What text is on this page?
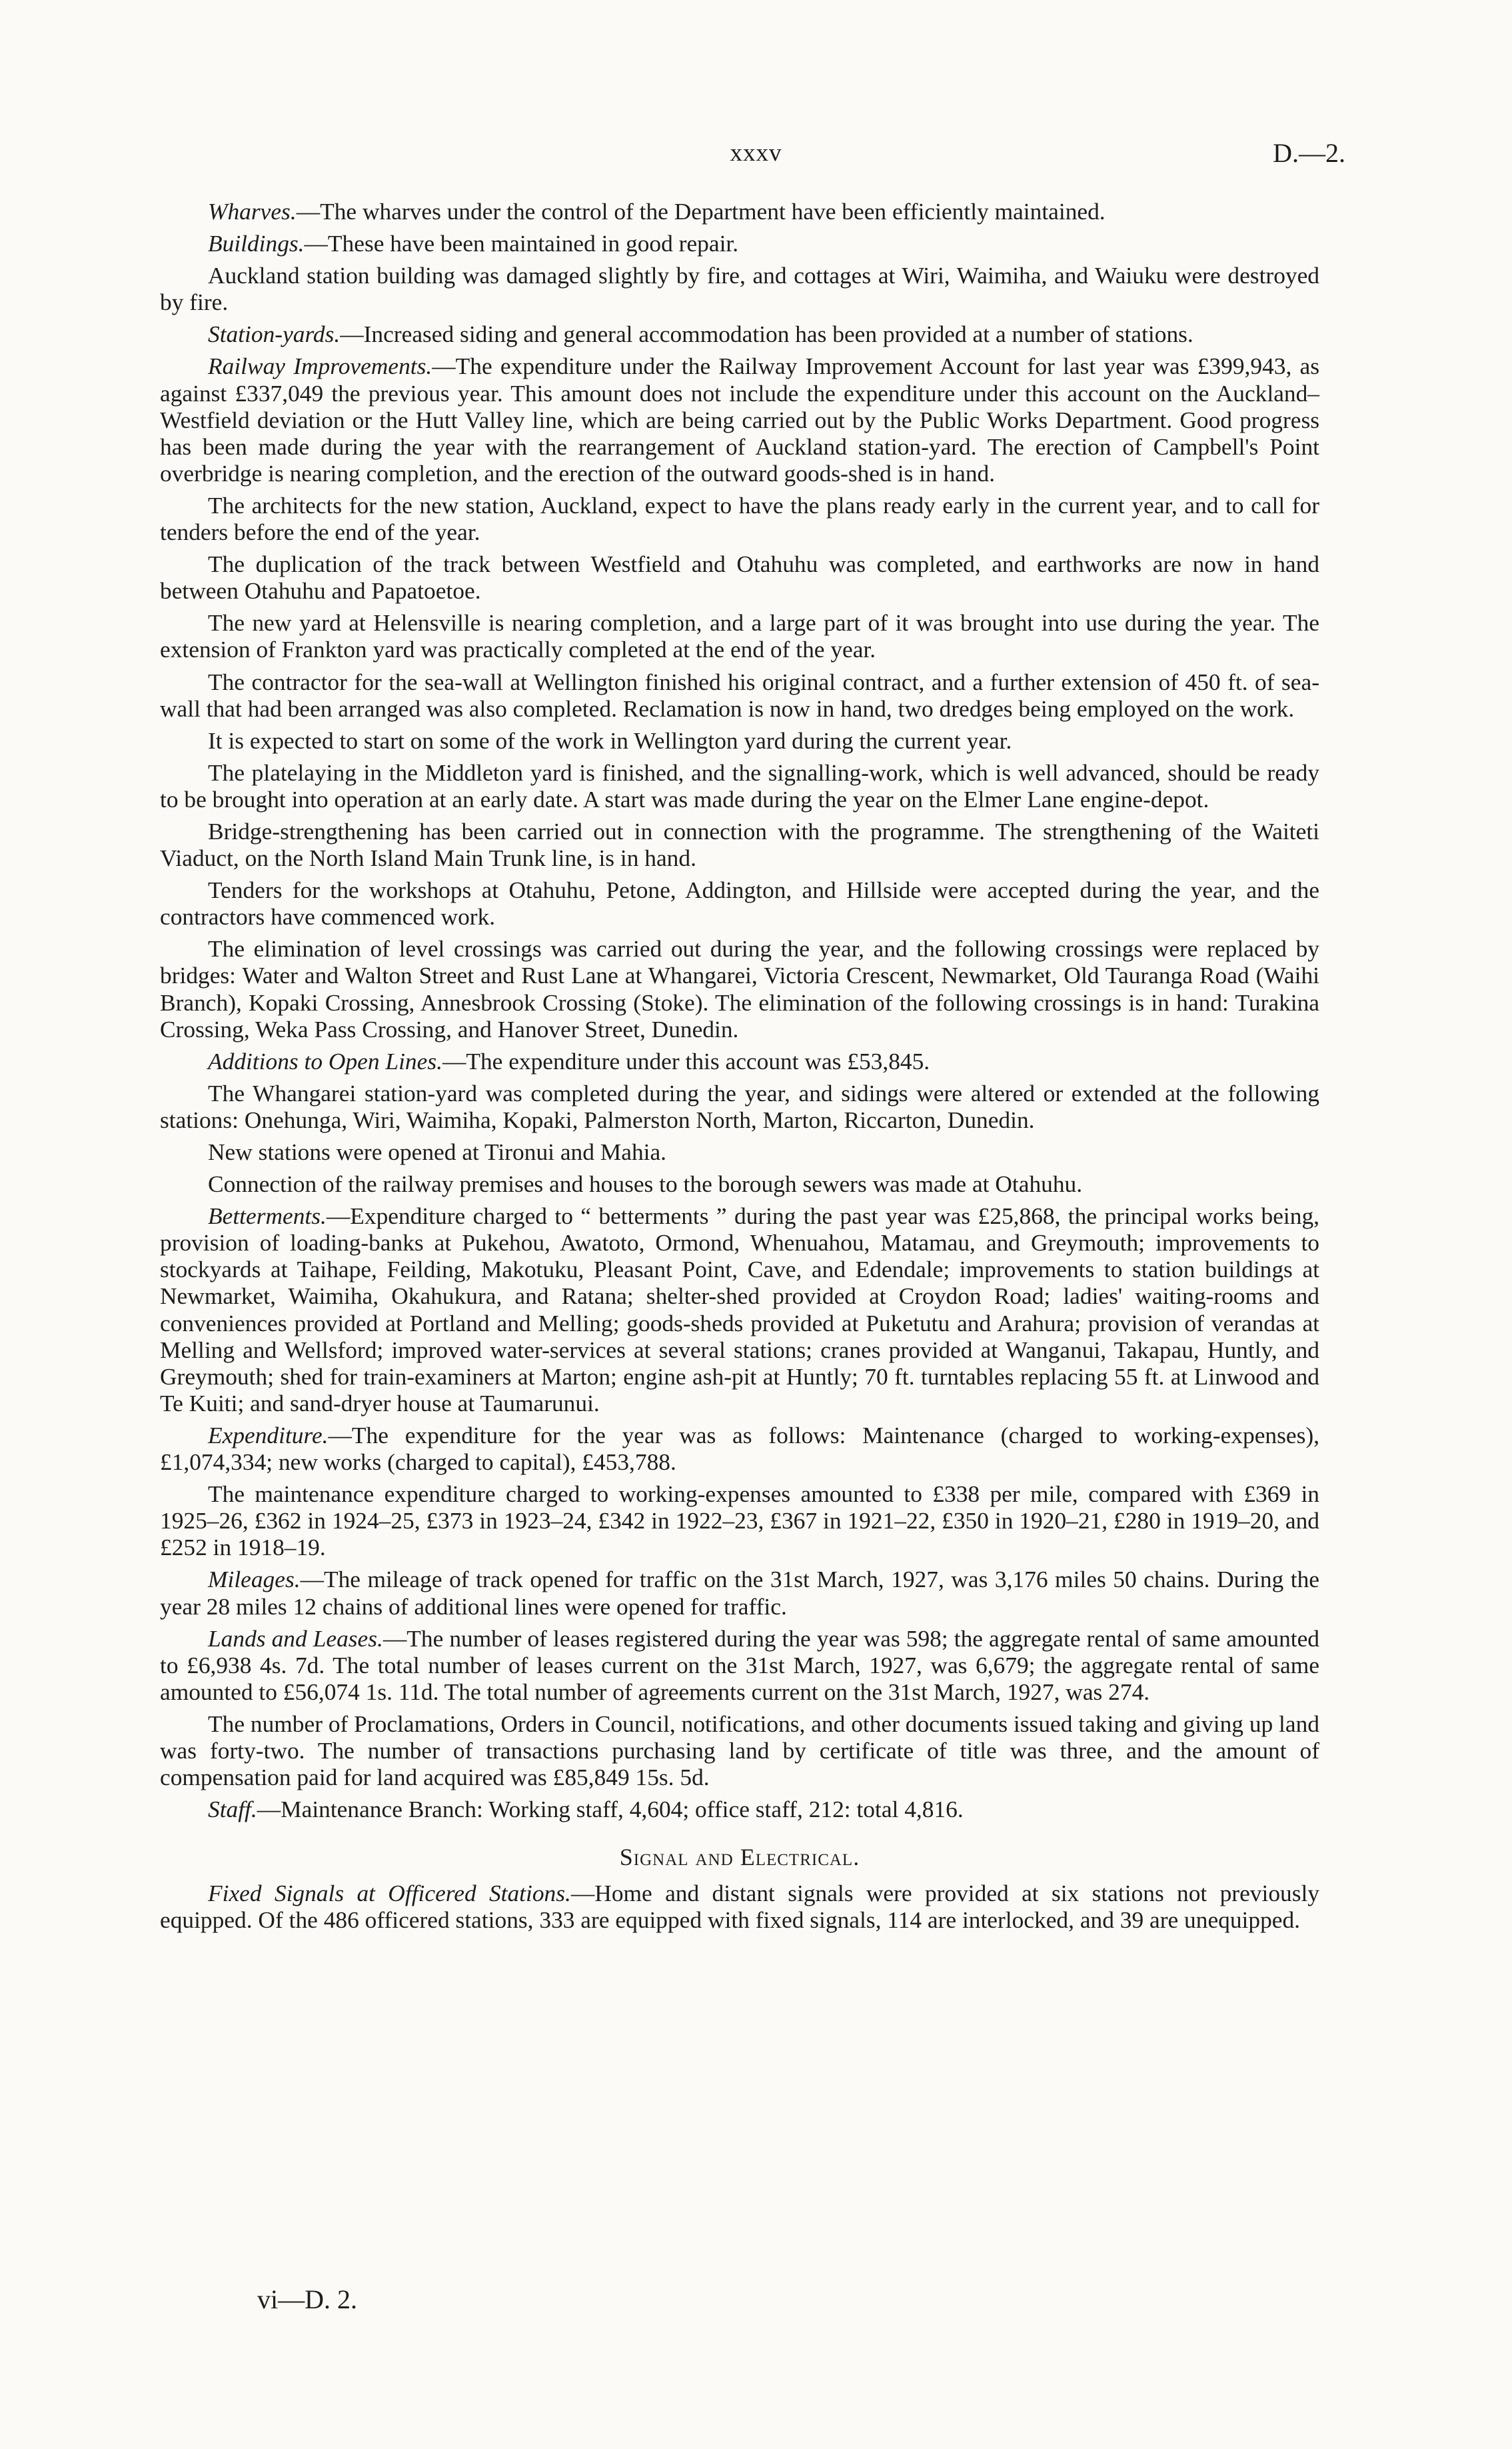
xxxv	D.—2.

Wharves.—The wharves under the control of the Department have been efficiently maintained.

Buildings.—These have been maintained in good repair.

Auckland station building was damaged slightly by fire, and cottages at Wiri, Waimiha, and Waiuku were destroyed by fire.

Station-yards.—Increased siding and general accommodation has been provided at a number of stations.

Railway Improvements.—The expenditure under the Railway Improvement Account for last year was £399,943, as against £337,049 the previous year. This amount does not include the expenditure under this account on the Auckland–Westfield deviation or the Hutt Valley line, which are being carried out by the Public Works Department. Good progress has been made during the year with the rearrangement of Auckland station-yard. The erection of Campbell's Point overbridge is nearing completion, and the erection of the outward goods-shed is in hand.

The architects for the new station, Auckland, expect to have the plans ready early in the current year, and to call for tenders before the end of the year.

The duplication of the track between Westfield and Otahuhu was completed, and earthworks are now in hand between Otahuhu and Papatoetoe.

The new yard at Helensville is nearing completion, and a large part of it was brought into use during the year. The extension of Frankton yard was practically completed at the end of the year.

The contractor for the sea-wall at Wellington finished his original contract, and a further extension of 450 ft. of sea-wall that had been arranged was also completed. Reclamation is now in hand, two dredges being employed on the work.

It is expected to start on some of the work in Wellington yard during the current year.

The platelaying in the Middleton yard is finished, and the signalling-work, which is well advanced, should be ready to be brought into operation at an early date. A start was made during the year on the Elmer Lane engine-depot.

Bridge-strengthening has been carried out in connection with the programme. The strengthening of the Waiteti Viaduct, on the North Island Main Trunk line, is in hand.

Tenders for the workshops at Otahuhu, Petone, Addington, and Hillside were accepted during the year, and the contractors have commenced work.

The elimination of level crossings was carried out during the year, and the following crossings were replaced by bridges: Water and Walton Street and Rust Lane at Whangarei, Victoria Crescent, Newmarket, Old Tauranga Road (Waihi Branch), Kopaki Crossing, Annesbrook Crossing (Stoke). The elimination of the following crossings is in hand: Turakina Crossing, Weka Pass Crossing, and Hanover Street, Dunedin.

Additions to Open Lines.—The expenditure under this account was £53,845.

The Whangarei station-yard was completed during the year, and sidings were altered or extended at the following stations: Onehunga, Wiri, Waimiha, Kopaki, Palmerston North, Marton, Riccarton, Dunedin.

New stations were opened at Tironui and Mahia.

Connection of the railway premises and houses to the borough sewers was made at Otahuhu.

Betterments.—Expenditure charged to “ betterments ” during the past year was £25,868, the principal works being, provision of loading-banks at Pukehou, Awatoto, Ormond, Whenuahou, Matamau, and Greymouth; improvements to stockyards at Taihape, Feilding, Makotuku, Pleasant Point, Cave, and Edendale; improvements to station buildings at Newmarket, Waimiha, Okahukura, and Ratana; shelter-shed provided at Croydon Road; ladies' waiting-rooms and conveniences provided at Portland and Melling; goods-sheds provided at Puketutu and Arahura; provision of verandas at Melling and Wellsford; improved water-services at several stations; cranes provided at Wanganui, Takapau, Huntly, and Greymouth; shed for train-examiners at Marton; engine ash-pit at Huntly; 70 ft. turntables replacing 55 ft. at Linwood and Te Kuiti; and sand-dryer house at Taumarunui.

Expenditure.—The expenditure for the year was as follows: Maintenance (charged to working-expenses), £1,074,334; new works (charged to capital), £453,788.

The maintenance expenditure charged to working-expenses amounted to £338 per mile, compared with £369 in 1925–26, £362 in 1924–25, £373 in 1923–24, £342 in 1922–23, £367 in 1921–22, £350 in 1920–21, £280 in 1919–20, and £252 in 1918–19.

Mileages.—The mileage of track opened for traffic on the 31st March, 1927, was 3,176 miles 50 chains. During the year 28 miles 12 chains of additional lines were opened for traffic.

Lands and Leases.—The number of leases registered during the year was 598; the aggregate rental of same amounted to £6,938 4s. 7d. The total number of leases current on the 31st March, 1927, was 6,679; the aggregate rental of same amounted to £56,074 1s. 11d. The total number of agreements current on the 31st March, 1927, was 274.

The number of Proclamations, Orders in Council, notifications, and other documents issued taking and giving up land was forty-two. The number of transactions purchasing land by certificate of title was three, and the amount of compensation paid for land acquired was £85,849 15s. 5d.

Staff.—Maintenance Branch: Working staff, 4,604; office staff, 212: total 4,816.

Signal and Electrical.

Fixed Signals at Officered Stations.—Home and distant signals were provided at six stations not previously equipped. Of the 486 officered stations, 333 are equipped with fixed signals, 114 are interlocked, and 39 are unequipped.

vi—D. 2.
